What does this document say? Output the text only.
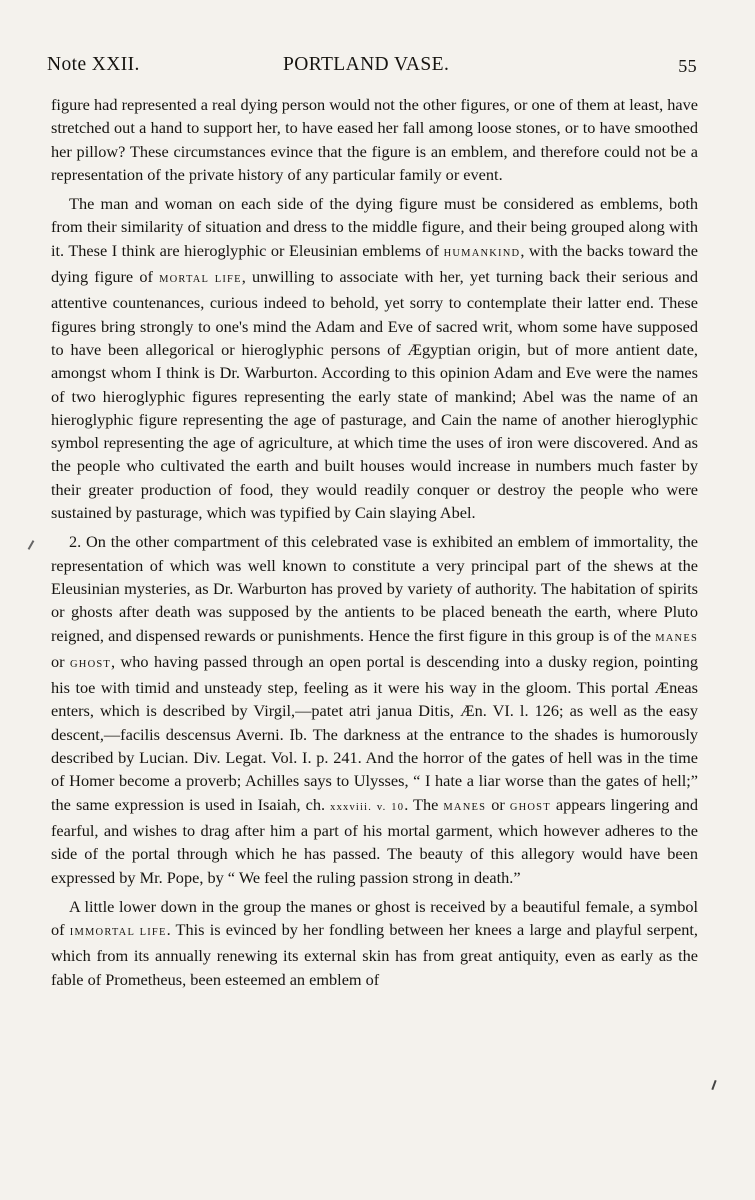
Note XXII.	PORTLAND VASE.	55

figure had represented a real dying person would not the other figures, or one of them at least, have stretched out a hand to support her, to have eased her fall among loose stones, or to have smoothed her pillow? These circumstances evince that the figure is an emblem, and therefore could not be a representation of the private history of any particular family or event.

The man and woman on each side of the dying figure must be considered as emblems, both from their similarity of situation and dress to the middle figure, and their being grouped along with it. These I think are hieroglyphic or Eleusinian emblems of HUMANKIND, with the backs toward the dying figure of MORTAL LIFE, unwilling to associate with her, yet turning back their serious and attentive countenances, curious indeed to behold, yet sorry to contemplate their latter end. These figures bring strongly to one's mind the Adam and Eve of sacred writ, whom some have supposed to have been allegorical or hieroglyphic persons of Ægyptian origin, but of more antient date, amongst whom I think is Dr. Warburton. According to this opinion Adam and Eve were the names of two hieroglyphic figures representing the early state of mankind; Abel was the name of an hieroglyphic figure representing the age of pasturage, and Cain the name of another hieroglyphic symbol representing the age of agriculture, at which time the uses of iron were discovered. And as the people who cultivated the earth and built houses would increase in numbers much faster by their greater production of food, they would readily conquer or destroy the people who were sustained by pasturage, which was typified by Cain slaying Abel.

2. On the other compartment of this celebrated vase is exhibited an emblem of immortality, the representation of which was well known to constitute a very principal part of the shews at the Eleusinian mysteries, as Dr. Warburton has proved by variety of authority. The habitation of spirits or ghosts after death was supposed by the antients to be placed beneath the earth, where Pluto reigned, and dispensed rewards or punishments. Hence the first figure in this group is of the MANES or GHOST, who having passed through an open portal is descending into a dusky region, pointing his toe with timid and unsteady step, feeling as it were his way in the gloom. This portal Æneas enters, which is described by Virgil,—patet atri janua Ditis, Æn. VI. l. 126; as well as the easy descent,—facilis descensus Averni. Ib. The darkness at the entrance to the shades is humorously described by Lucian. Div. Legat. Vol. I. p. 241. And the horror of the gates of hell was in the time of Homer become a proverb; Achilles says to Ulysses, “ I hate a liar worse than the gates of hell;” the same expression is used in Isaiah, ch. xxxviii. v. 10. The MANES or GHOST appears lingering and fearful, and wishes to drag after him a part of his mortal garment, which however adheres to the side of the portal through which he has passed. The beauty of this allegory would have been expressed by Mr. Pope, by “ We feel the ruling passion strong in death.”

A little lower down in the group the manes or ghost is received by a beautiful female, a symbol of IMMORTAL LIFE. This is evinced by her fondling between her knees a large and playful serpent, which from its annually renewing its external skin has from great antiquity, even as early as the fable of Prometheus, been esteemed an emblem of
